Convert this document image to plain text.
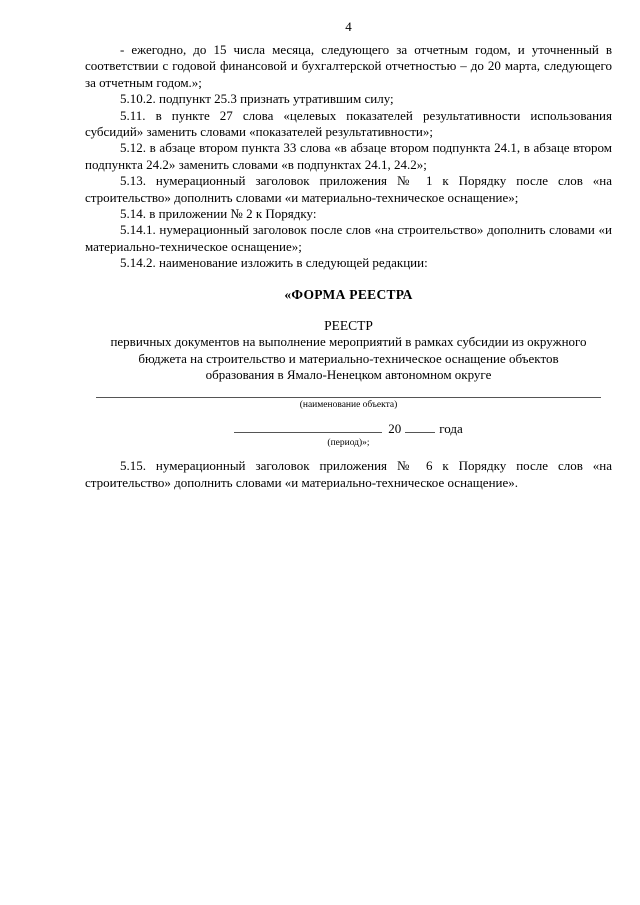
4

- ежегодно, до 15 числа месяца, следующего за отчетным годом, и уточненный в соответствии с годовой финансовой и бухгалтерской отчетностью – до 20 марта, следующего за отчетным годом.»;

5.10.2. подпункт 25.3 признать утратившим силу;

5.11. в пункте 27 слова «целевых показателей результативности использования субсидий» заменить словами «показателей результативности»;

5.12. в абзаце втором пункта 33 слова «в абзаце втором подпункта 24.1, в абзаце втором подпункта 24.2» заменить словами «в подпунктах 24.1, 24.2»;

5.13. нумерационный заголовок приложения № 1 к Порядку после слов «на строительство» дополнить словами «и материально-техническое оснащение»;

5.14. в приложении № 2 к Порядку:

5.14.1. нумерационный заголовок после слов «на строительство» дополнить словами «и материально-техническое оснащение»;

5.14.2. наименование изложить в следующей редакции:

«ФОРМА РЕЕСТРА
РЕЕСТР
первичных документов на выполнение мероприятий в рамках субсидии из окружного бюджета на строительство и материально-техническое оснащение объектов образования в Ямало-Ненецком автономном округе
(наименование объекта)
20	года
(период)»;

5.15. нумерационный заголовок приложения № 6 к Порядку после слов «на строительство» дополнить словами «и материально-техническое оснащение».
